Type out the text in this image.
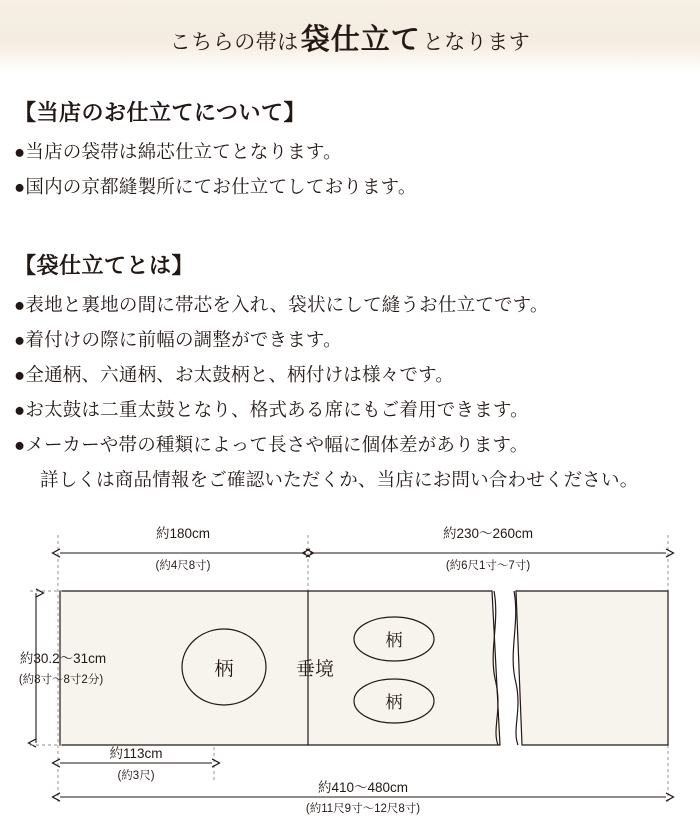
こちらの帯は 袋仕立て となります
【当店のお仕立てについて】

●当店の袋帯は綿芯仕立てとなります。

●国内の京都縫製所にてお仕立てしております。

【袋仕立てとは】

●表地と裏地の間に帯芯を入れ、袋状にして縫うお仕立てです。

●着付けの際に前幅の調整ができます。

●全通柄、六通柄、お太鼓柄と、柄付けは様々です。

●お太鼓は二重太鼓となり、格式ある席にもご着用できます。

●メーカーや帯の種類によって長さや幅に個体差があります。

詳しくは商品情報をご確認いただくか、当店にお問い合わせください。

約180cm
(約4尺8寸)
約230〜260cm
(約6尺1寸〜7寸)
柄
柄
柄
垂境
約30.2〜31cm
(約8寸〜8寸2分)
約113cm
(約3尺)
約410〜480cm
(約11尺9寸〜12尺8寸)
